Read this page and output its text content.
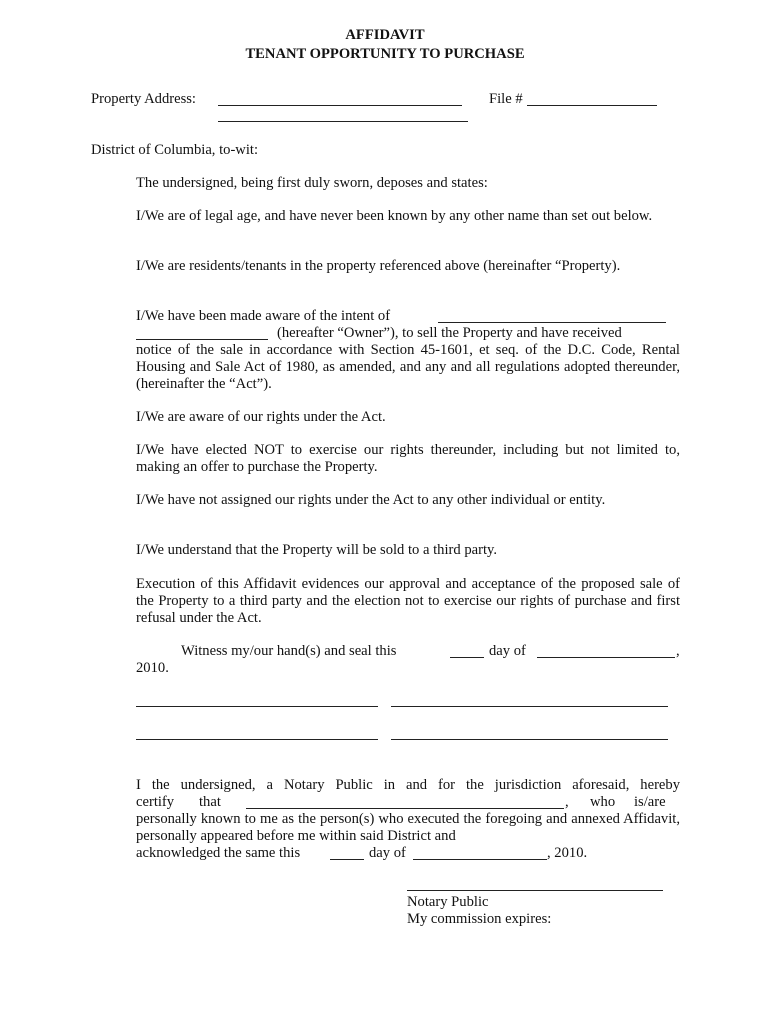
AFFIDAVIT
TENANT OPPORTUNITY TO PURCHASE
Property Address:	File #
District of Columbia, to-wit:
The undersigned, being first duly sworn, deposes and states:
I/We are of legal age, and have never been known by any other name than set out below.
I/We are residents/tenants in the property referenced above (hereinafter “Property).
I/We have been made aware of the intent of
(hereafter “Owner”), to sell the Property and have received
notice of the sale in accordance with Section 45-1601, et seq. of the D.C. Code, Rental Housing and Sale Act of 1980, as amended, and any and all regulations adopted thereunder, (hereinafter the “Act”).
I/We are aware of our rights under the Act.
I/We have elected NOT to exercise our rights thereunder, including but not limited to, making an offer to purchase the Property.
I/We have not assigned our rights under the Act to any other individual or entity.
I/We understand that the Property will be sold to a third party.
Execution of this Affidavit evidences our approval and acceptance of the proposed sale of the Property to a third party and the election not to exercise our rights of purchase and first refusal under the Act.
Witness my/our hand(s) and seal this	day of	,
2010.
I the undersigned, a Notary Public in and for the jurisdiction aforesaid, hereby
certify that	, who is/are
personally known to me as the person(s) who executed the foregoing and annexed Affidavit, personally appeared before me within said District and
acknowledged the same this	day of	, 2010.
Notary Public
My commission expires:
